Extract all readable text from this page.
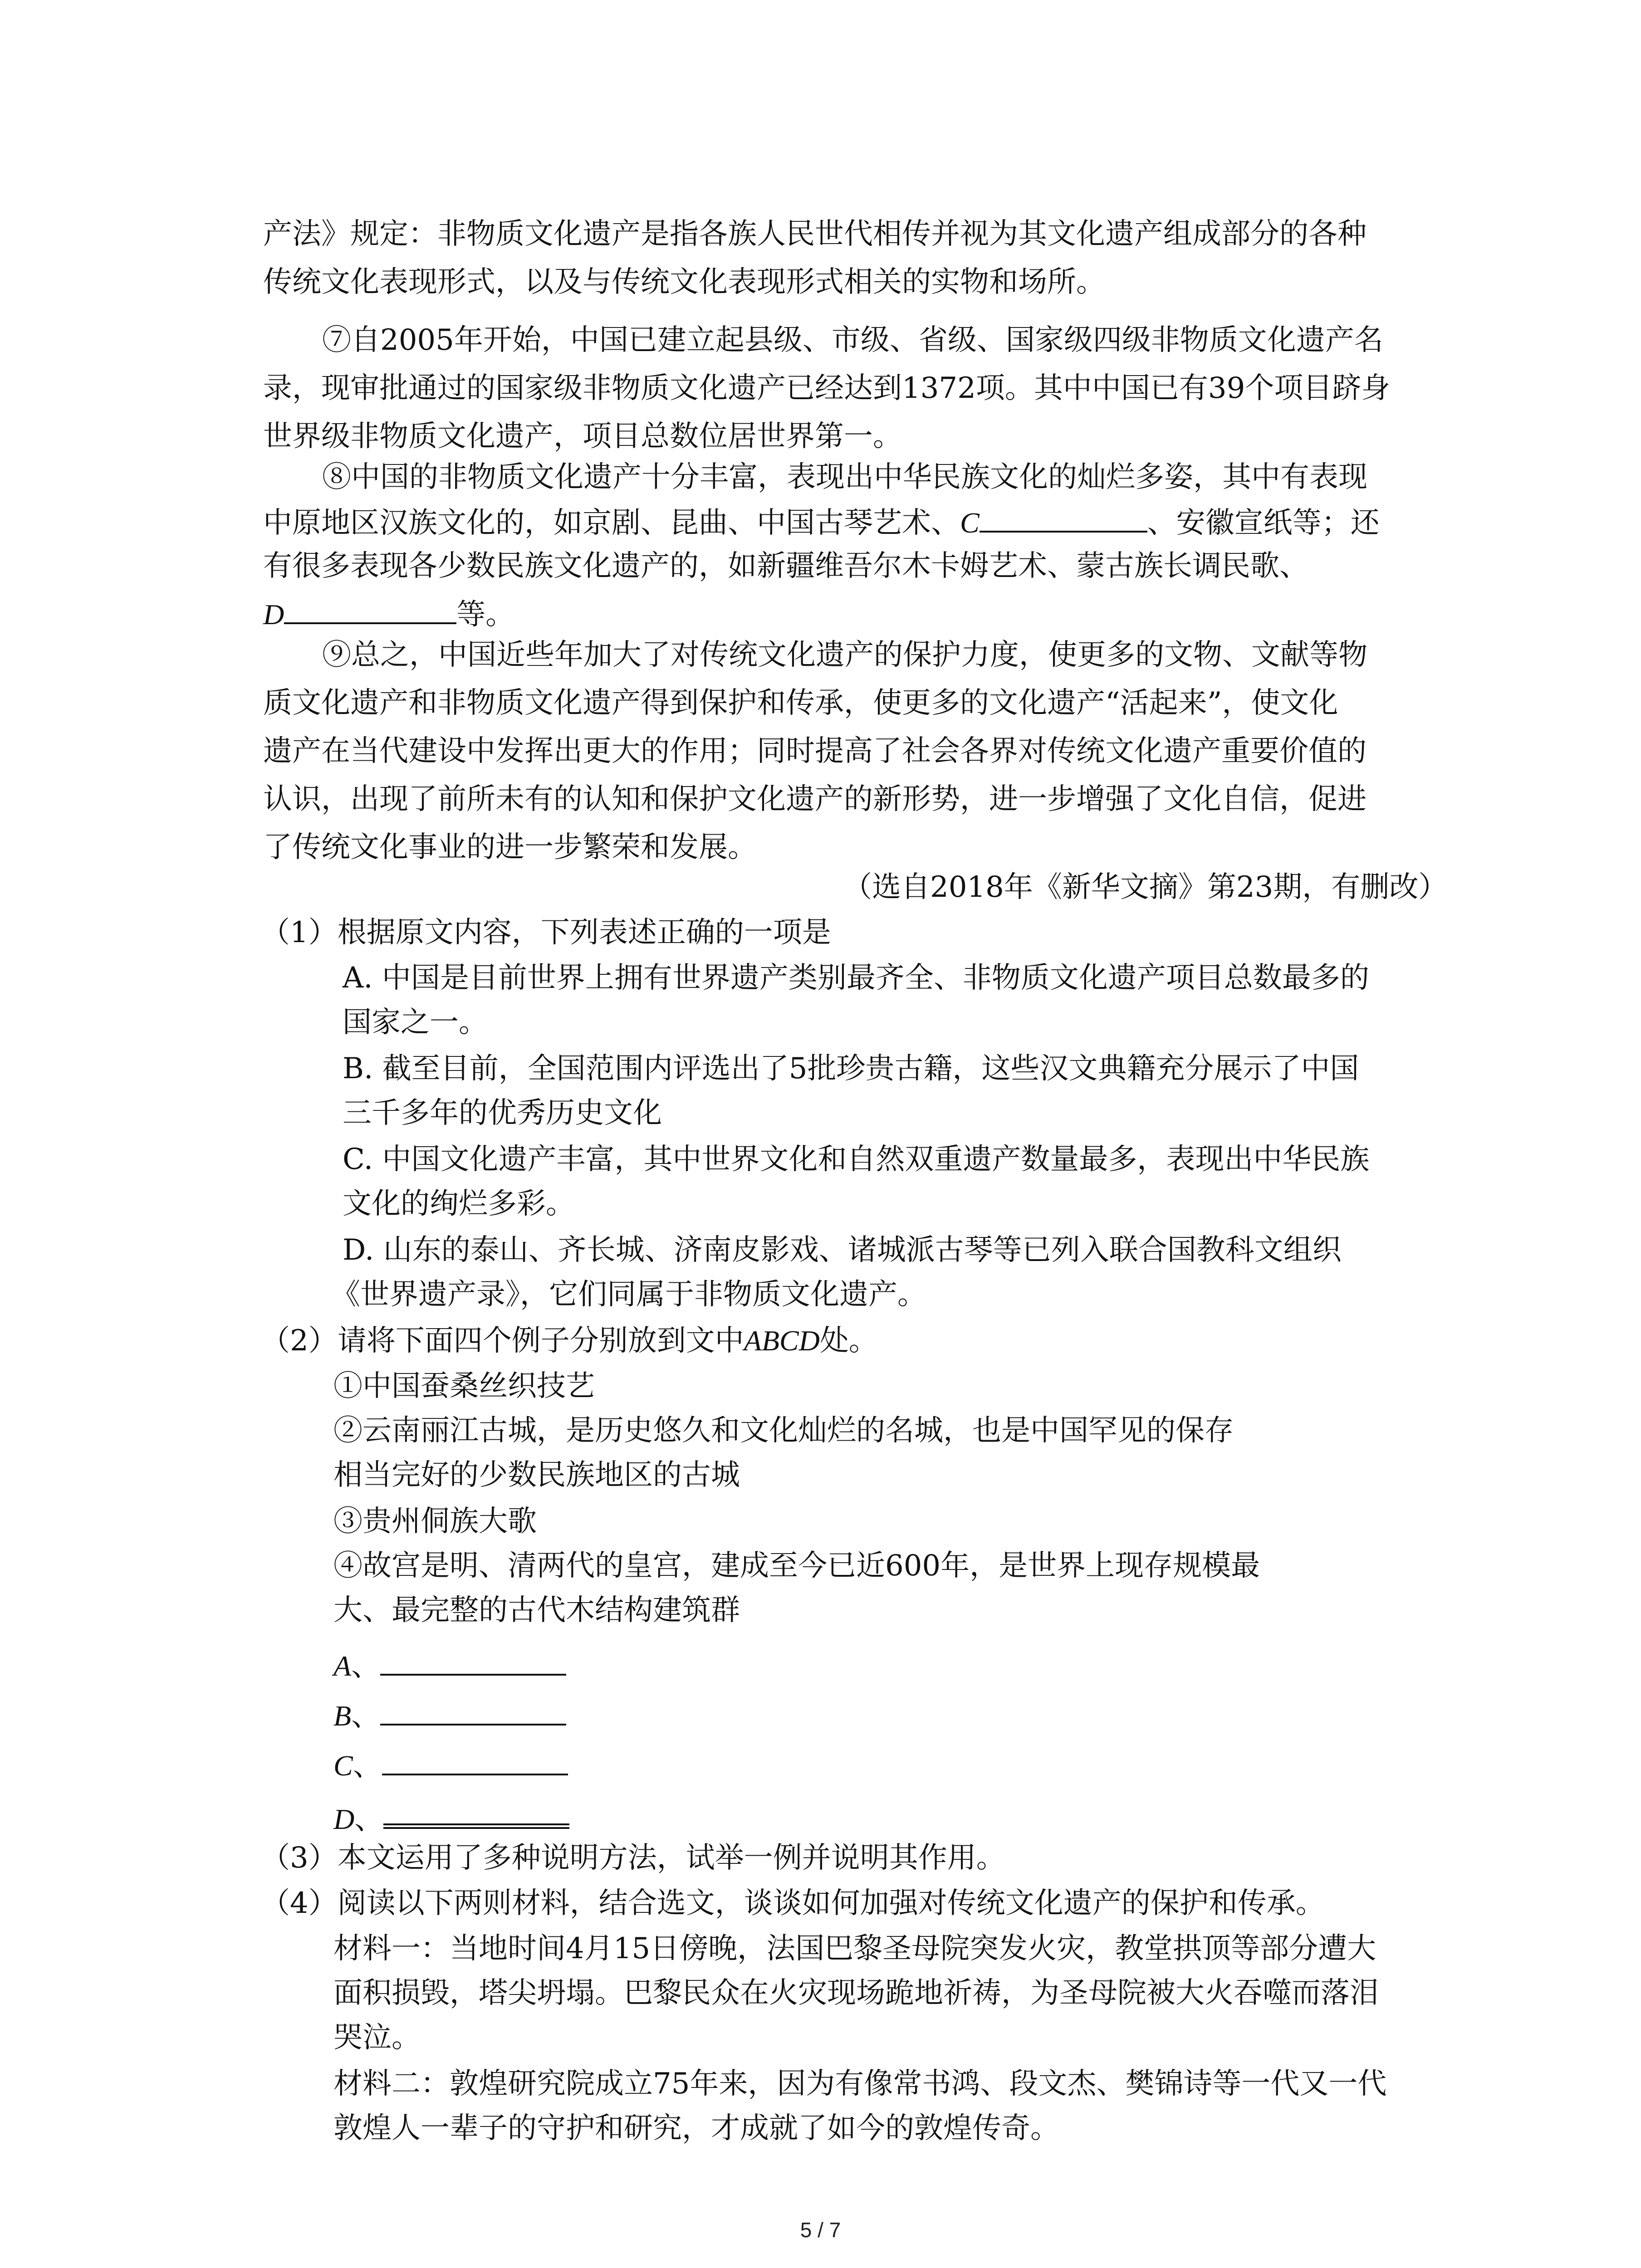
产法》规定：非物质文化遗产是指各族人民世代相传并视为其文化遗产组成部分的各种
传统文化表现形式，以及与传统文化表现形式相关的实物和场所。
⑦自2005年开始，中国已建立起县级、市级、省级、国家级四级非物质文化遗产名
录，现审批通过的国家级非物质文化遗产已经达到1372项。其中中国已有39个项目跻身
世界级非物质文化遗产，项目总数位居世界第一。
⑧中国的非物质文化遗产十分丰富，表现出中华民族文化的灿烂多姿，其中有表现
中原地区汉族文化的，如京剧、昆曲、中国古琴艺术、C	、安徽宣纸等；还
有很多表现各少数民族文化遗产的，如新疆维吾尔木卡姆艺术、蒙古族长调民歌、
D	等。
⑨总之，中国近些年加大了对传统文化遗产的保护力度，使更多的文物、文献等物
质文化遗产和非物质文化遗产得到保护和传承，使更多的文化遗产“活起来”，使文化
遗产在当代建设中发挥出更大的作用；同时提高了社会各界对传统文化遗产重要价值的
认识，出现了前所未有的认知和保护文化遗产的新形势，进一步增强了文化自信，促进
了传统文化事业的进一步繁荣和发展。
（选自2018年《新华文摘》第23期，有删改）
（1）根据原文内容，下列表述正确的一项是
A. 中国是目前世界上拥有世界遗产类别最齐全、非物质文化遗产项目总数最多的
国家之一。
B. 截至目前，全国范围内评选出了5批珍贵古籍，这些汉文典籍充分展示了中国
三千多年的优秀历史文化
C. 中国文化遗产丰富，其中世界文化和自然双重遗产数量最多，表现出中华民族
文化的绚烂多彩。
D. 山东的泰山、齐长城、济南皮影戏、诸城派古琴等已列入联合国教科文组织
《世界遗产录》，它们同属于非物质文化遗产。
（2）请将下面四个例子分别放到文中ABCD处。
①中国蚕桑丝织技艺
②云南丽江古城，是历史悠久和文化灿烂的名城，也是中国罕见的保存
相当完好的少数民族地区的古城
③贵州侗族大歌
④故宫是明、清两代的皇宫，建成至今已近600年，是世界上现存规模最
大、最完整的古代木结构建筑群
A、
B、
C、
D、
（3）本文运用了多种说明方法，试举一例并说明其作用。
（4）阅读以下两则材料，结合选文，谈谈如何加强对传统文化遗产的保护和传承。
材料一：当地时间4月15日傍晚，法国巴黎圣母院突发火灾，教堂拱顶等部分遭大
面积损毁，塔尖坍塌。巴黎民众在火灾现场跪地祈祷，为圣母院被大火吞噬而落泪
哭泣。
材料二：敦煌研究院成立75年来，因为有像常书鸿、段文杰、樊锦诗等一代又一代
敦煌人一辈子的守护和研究，才成就了如今的敦煌传奇。
5 / 7
